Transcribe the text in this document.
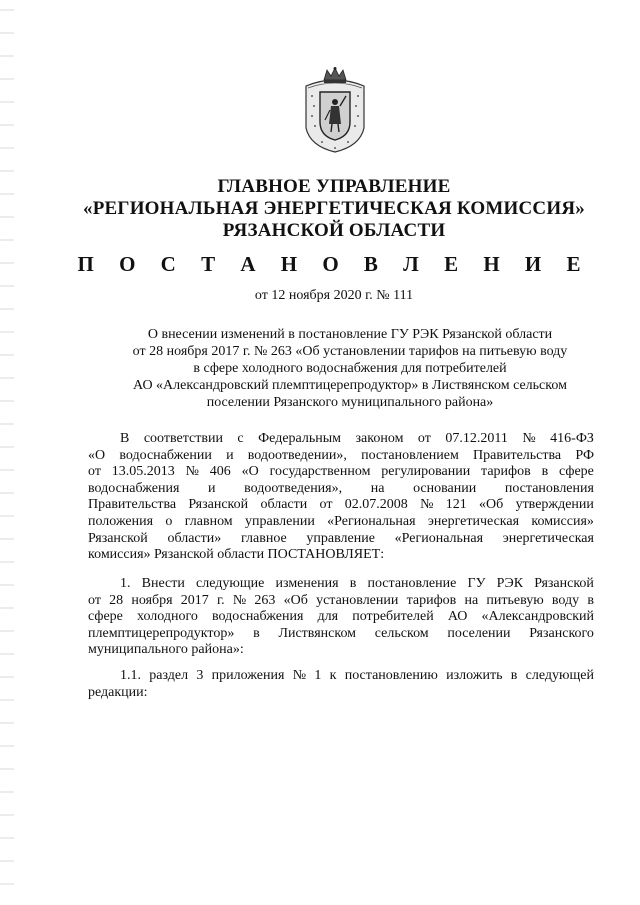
ГЛАВНОЕ УПРАВЛЕНИЕ
«РЕГИОНАЛЬНАЯ ЭНЕРГЕТИЧЕСКАЯ КОМИССИЯ»
РЯЗАНСКОЙ ОБЛАСТИ
П О С Т А Н О В Л Е Н И Е
от 12 ноября 2020 г. № 111
О внесении изменений в постановление ГУ РЭК Рязанской области
от 28 ноября 2017 г. № 263 «Об установлении тарифов на питьевую воду
в сфере холодного водоснабжения для потребителей
АО «Александровский племптицерепродуктор» в Листвянском сельском
поселении Рязанского муниципального района»
В соответствии с Федеральным законом от 07.12.2011 № 416-ФЗ
«О водоснабжении и водоотведении», постановлением Правительства РФ
от 13.05.2013 № 406 «О государственном регулировании тарифов в сфере
водоснабжения и водоотведения», на основании постановления
Правительства Рязанской области от 02.07.2008 № 121 «Об утверждении
положения о главном управлении «Региональная энергетическая комиссия»
Рязанской области» главное управление «Региональная энергетическая
комиссия» Рязанской области ПОСТАНОВЛЯЕТ:
1. Внести следующие изменения в постановление ГУ РЭК Рязанской
от 28 ноября 2017 г. № 263 «Об установлении тарифов на питьевую воду в
сфере холодного водоснабжения для потребителей АО «Александровский
племптицерепродуктор» в Листвянском сельском поселении Рязанского
муниципального района»:
1.1. раздел 3 приложения № 1 к постановлению изложить в следующей
редакции:
